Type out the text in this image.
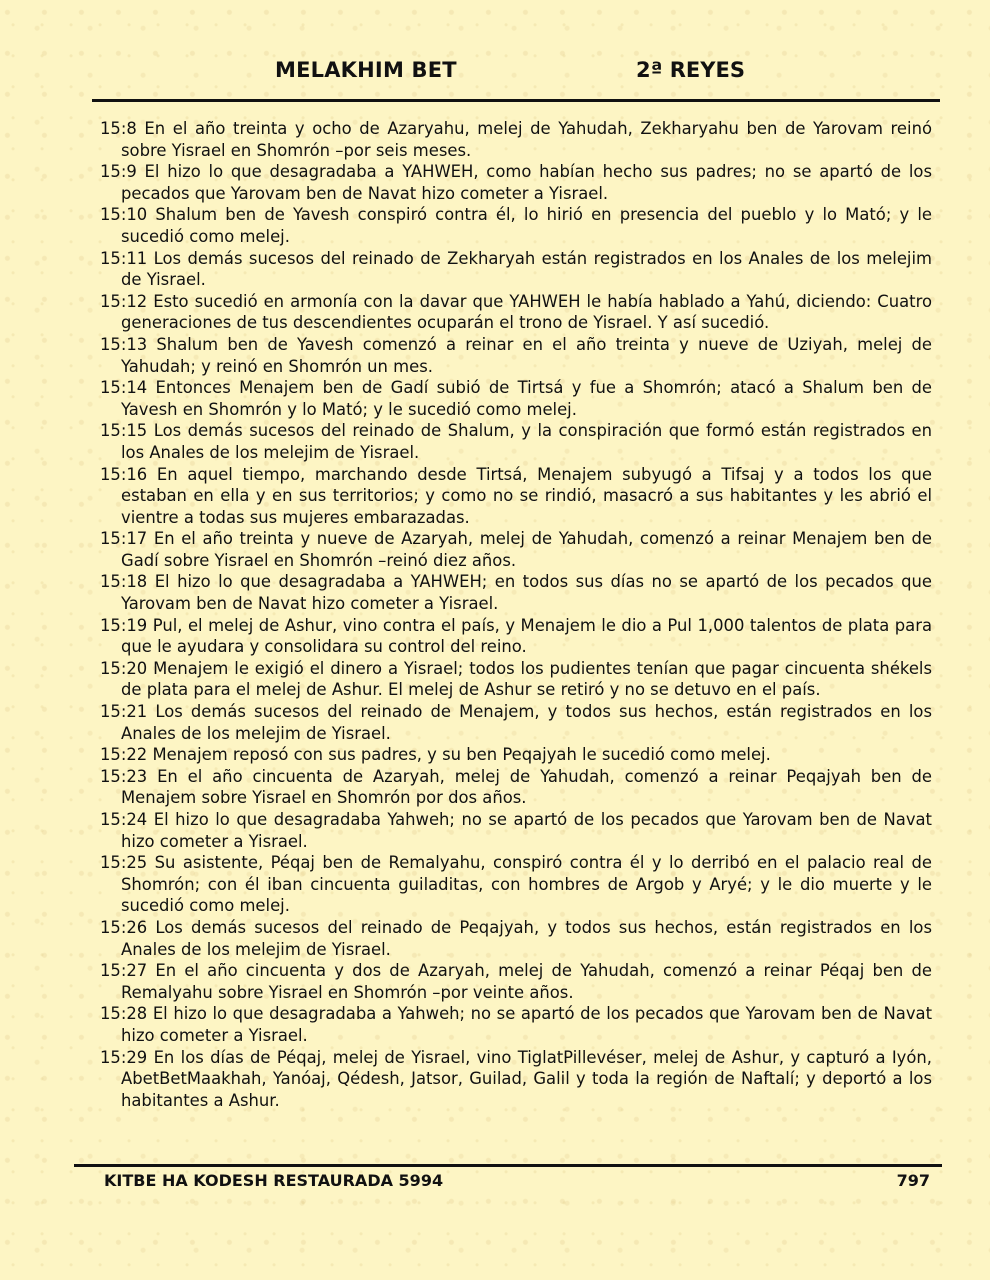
MELAKHIM BET	2ª REYES

15:8 En el año treinta y ocho de Azaryahu, melej de Yahudah, Zekharyahu ben de Yarovam reinó sobre Yisrael en Shomrón –por seis meses.

15:9 El hizo lo que desagradaba a YAHWEH, como habían hecho sus padres; no se apartó de los pecados que Yarovam ben de Navat hizo cometer a Yisrael.

15:10 Shalum ben de Yavesh conspiró contra él, lo hirió en presencia del pueblo y lo Mató; y le sucedió como melej.

15:11 Los demás sucesos del reinado de Zekharyah están registrados en los Anales de los melejim de Yisrael.

15:12 Esto sucedió en armonía con la davar que YAHWEH le había hablado a Yahú, diciendo: Cuatro generaciones de tus descendientes ocuparán el trono de Yisrael. Y así sucedió.

15:13 Shalum ben de Yavesh comenzó a reinar en el año treinta y nueve de Uziyah, melej de Yahudah; y reinó en Shomrón un mes.

15:14 Entonces Menajem ben de Gadí subió de Tirtsá y fue a Shomrón; atacó a Shalum ben de Yavesh en Shomrón y lo Mató; y le sucedió como melej.

15:15 Los demás sucesos del reinado de Shalum, y la conspiración que formó están registrados en los Anales de los melejim de Yisrael.

15:16 En aquel tiempo, marchando desde Tirtsá, Menajem subyugó a Tifsaj y a todos los que estaban en ella y en sus territorios; y como no se rindió, masacró a sus habitantes y les abrió el vientre a todas sus mujeres embarazadas.

15:17 En el año treinta y nueve de Azaryah, melej de Yahudah, comenzó a reinar Menajem ben de Gadí sobre Yisrael en Shomrón –reinó diez años.

15:18 El hizo lo que desagradaba a YAHWEH; en todos sus días no se apartó de los pecados que Yarovam ben de Navat hizo cometer a Yisrael.

15:19 Pul, el melej de Ashur, vino contra el país, y Menajem le dio a Pul 1,000 talentos de plata para que le ayudara y consolidara su control del reino.

15:20 Menajem le exigió el dinero a Yisrael; todos los pudientes tenían que pagar cincuenta shékels de plata para el melej de Ashur. El melej de Ashur se retiró y no se detuvo en el país.

15:21 Los demás sucesos del reinado de Menajem, y todos sus hechos, están registrados en los Anales de los melejim de Yisrael.

15:22 Menajem reposó con sus padres, y su ben Peqajyah le sucedió como melej.

15:23 En el año cincuenta de Azaryah, melej de Yahudah, comenzó a reinar Peqajyah ben de Menajem sobre Yisrael en Shomrón por dos años.

15:24 El hizo lo que desagradaba Yahweh; no se apartó de los pecados que Yarovam ben de Navat hizo cometer a Yisrael.

15:25 Su asistente, Péqaj ben de Remalyahu, conspiró contra él y lo derribó en el palacio real de Shomrón; con él iban cincuenta guiladitas, con hombres de Argob y Aryé; y le dio muerte y le sucedió como melej.

15:26 Los demás sucesos del reinado de Peqajyah, y todos sus hechos, están registrados en los Anales de los melejim de Yisrael.

15:27 En el año cincuenta y dos de Azaryah, melej de Yahudah, comenzó a reinar Péqaj ben de Remalyahu sobre Yisrael en Shomrón –por veinte años.

15:28 El hizo lo que desagradaba a Yahweh; no se apartó de los pecados que Yarovam ben de Navat hizo cometer a Yisrael.

15:29 En los días de Péqaj, melej de Yisrael, vino TiglatPillevéser, melej de Ashur, y capturó a Iyón, AbetBetMaakhah, Yanóaj, Qédesh, Jatsor, Guilad, Galil y toda la región de Naftalí; y deportó a los habitantes a Ashur.

KITBE HA KODESH RESTAURADA 5994	797
